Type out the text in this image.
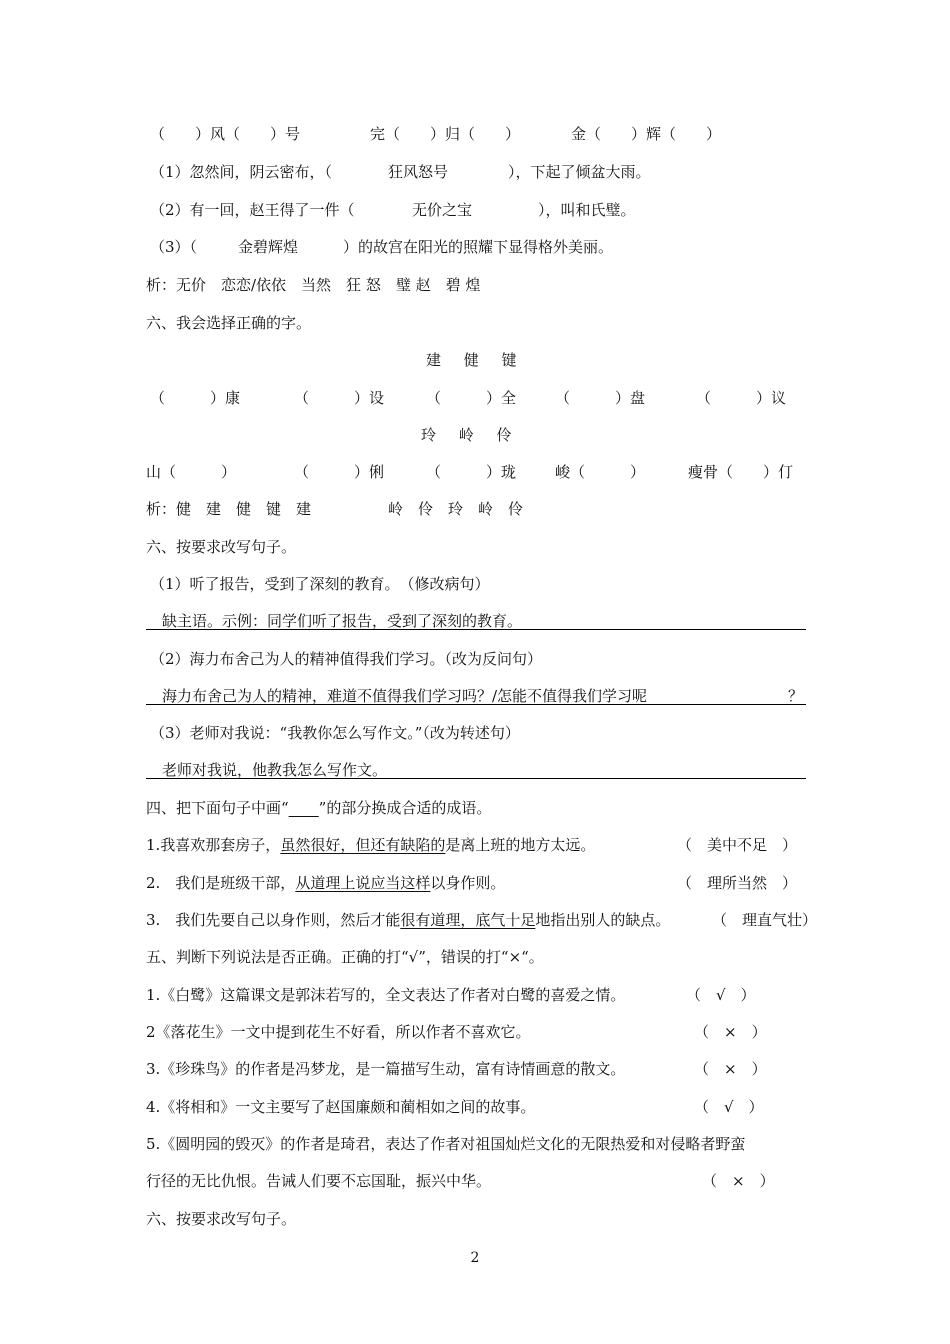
（　　）风（　　）号	完（　　）归（　　）	金（　　）辉（　　）
（1）忽然间，阴云密布，（	狂风怒号	），下起了倾盆大雨。
（2）有一回，赵王得了一件（	无价之宝	），叫和氏璧。
（3）（	金碧辉煌	）的故宫在阳光的照耀下显得格外美丽。
析：无价　恋恋/依依　当然　狂 怒　璧 赵　碧 煌
六、我会选择正确的字。
建　 健　 键
（　　　）康	（　　　）设	（　　　）全	（　　　）盘	（　　　）议
玲　 岭　 伶
山（　　　）	（　　　）俐	（　　　）珑	峻（　　　）	瘦骨（　　）仃
析：健　建　健　键　建	岭　伶　玲　岭　伶
六、按要求改写句子。
（1）听了报告，受到了深刻的教育。　（修改病句）
缺主语。示例：同学们听了报告，受到了深刻的教育。
（2）海力布舍己为人的精神值得我们学习。（改为反问句）
海力布舍己为人的精神，难道不值得我们学习吗？/怎能不值得我们学习呢	？
（3）老师对我说：“我教你怎么写作文。”（改为转述句）
老师对我说，他教我怎么写作文。
四、把下面句子中画“____”的部分换成合适的成语。
1.我喜欢那套房子，虽然很好，但还有缺陷的是离上班的地方太远。	（　美中不足　）
2.　我们是班级干部，从道理上说应当这样以身作则。	（　理所当然　）
3.　我们先要自己以身作则，然后才能很有道理，底气十足地指出别人的缺点。	（　理直气壮）
五、判断下列说法是否正确。正确的打“√”，错误的打“×“。
1.《白鹭》这篇课文是郭沫若写的，全文表达了作者对白鹭的喜爱之情。	（　√　）
2《落花生》一文中提到花生不好看，所以作者不喜欢它。	（　×　）
3.《珍珠鸟》的作者是冯梦龙，是一篇描写生动，富有诗情画意的散文。	（　×　）
4.《将相和》一文主要写了赵国廉颇和蔺相如之间的故事。	（　√　）
5.《圆明园的毁灭》的作者是琦君，表达了作者对祖国灿烂文化的无限热爱和对侵略者野蛮
行径的无比仇恨。告诫人们要不忘国耻，振兴中华。	（　×　）
六、按要求改写句子。
2
